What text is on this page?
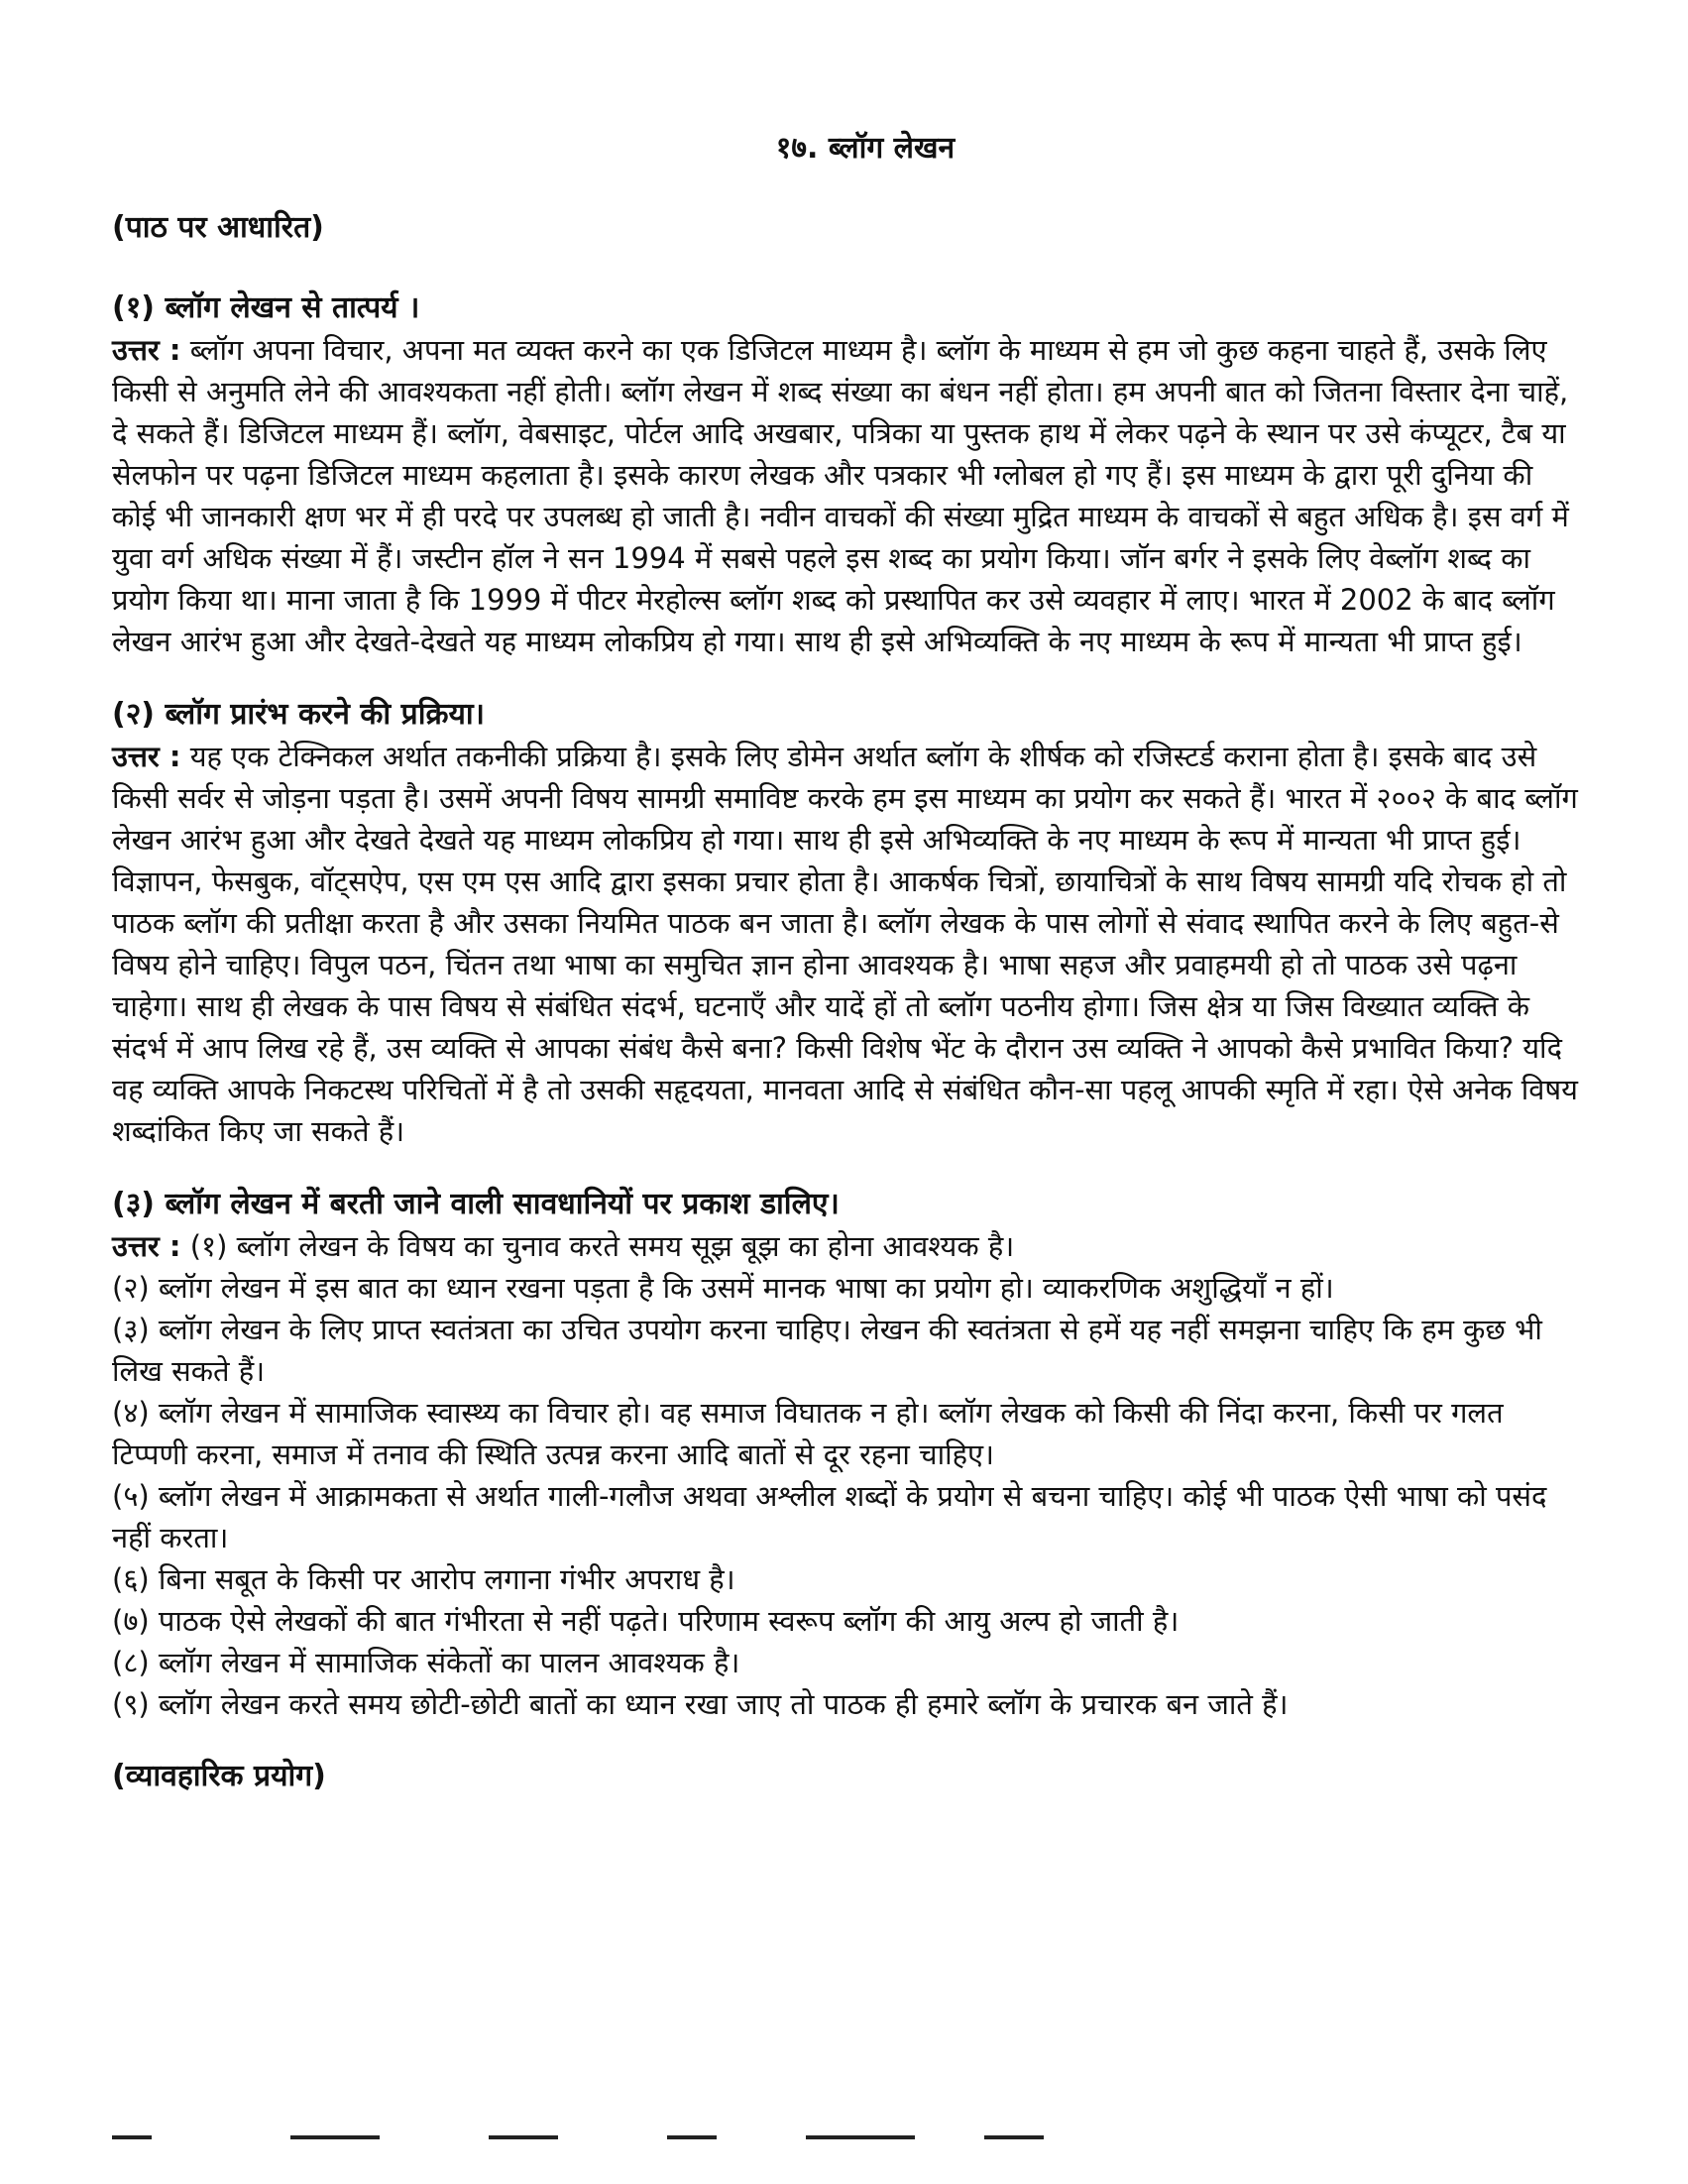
१७. ब्लॉग लेखन
(पाठ पर आधारित)

(१) ब्लॉग लेखन से तात्पर्य ।

उत्तर : ब्लॉग अपना विचार, अपना मत व्यक्त करने का एक डिजिटल माध्यम है। ब्लॉग के माध्यम से हम जो कुछ कहना चाहते हैं, उसके लिए किसी से अनुमति लेने की आवश्यकता नहीं होती। ब्लॉग लेखन में शब्द संख्या का बंधन नहीं होता। हम अपनी बात को जितना विस्तार देना चाहें, दे सकते हैं। डिजिटल माध्यम हैं। ब्लॉग, वेबसाइट, पोर्टल आदि अखबार, पत्रिका या पुस्तक हाथ में लेकर पढ़ने के स्थान पर उसे कंप्यूटर, टैब या सेलफोन पर पढ़ना डिजिटल माध्यम कहलाता है। इसके कारण लेखक और पत्रकार भी ग्लोबल हो गए हैं। इस माध्यम के द्वारा पूरी दुनिया की कोई भी जानकारी क्षण भर में ही परदे पर उपलब्ध हो जाती है। नवीन वाचकों की संख्या मुद्रित माध्यम के वाचकों से बहुत अधिक है। इस वर्ग में युवा वर्ग अधिक संख्या में हैं। जस्टीन हॉल ने सन 1994 में सबसे पहले इस शब्द का प्रयोग किया। जॉन बर्गर ने इसके लिए वेब्लॉग शब्द का प्रयोग किया था। माना जाता है कि 1999 में पीटर मेरहोल्स ब्लॉग शब्द को प्रस्थापित कर उसे व्यवहार में लाए। भारत में 2002 के बाद ब्लॉग लेखन आरंभ हुआ और देखते-देखते यह माध्यम लोकप्रिय हो गया। साथ ही इसे अभिव्यक्ति के नए माध्यम के रूप में मान्यता भी प्राप्त हुई।

(२) ब्लॉग प्रारंभ करने की प्रक्रिया।

उत्तर : यह एक टेक्निकल अर्थात तकनीकी प्रक्रिया है। इसके लिए डोमेन अर्थात ब्लॉग के शीर्षक को रजिस्टर्ड कराना होता है। इसके बाद उसे किसी सर्वर से जोड़ना पड़ता है। उसमें अपनी विषय सामग्री समाविष्ट करके हम इस माध्यम का प्रयोग कर सकते हैं। भारत में २००२ के बाद ब्लॉग लेखन आरंभ हुआ और देखते देखते यह माध्यम लोकप्रिय हो गया। साथ ही इसे अभिव्यक्ति के नए माध्यम के रूप में मान्यता भी प्राप्त हुई। विज्ञापन, फेसबुक, वॉट्सऐप, एस एम एस आदि द्वारा इसका प्रचार होता है। आकर्षक चित्रों, छायाचित्रों के साथ विषय सामग्री यदि रोचक हो तो पाठक ब्लॉग की प्रतीक्षा करता है और उसका नियमित पाठक बन जाता है। ब्लॉग लेखक के पास लोगों से संवाद स्थापित करने के लिए बहुत-से विषय होने चाहिए। विपुल पठन, चिंतन तथा भाषा का समुचित ज्ञान होना आवश्यक है। भाषा सहज और प्रवाहमयी हो तो पाठक उसे पढ़ना चाहेगा। साथ ही लेखक के पास विषय से संबंधित संदर्भ, घटनाएँ और यादें हों तो ब्लॉग पठनीय होगा। जिस क्षेत्र या जिस विख्यात व्यक्ति के संदर्भ में आप लिख रहे हैं, उस व्यक्ति से आपका संबंध कैसे बना? किसी विशेष भेंट के दौरान उस व्यक्ति ने आपको कैसे प्रभावित किया? यदि वह व्यक्ति आपके निकटस्थ परिचितों में है तो उसकी सहृदयता, मानवता आदि से संबंधित कौन-सा पहलू आपकी स्मृति में रहा। ऐसे अनेक विषय शब्दांकित किए जा सकते हैं।

(३) ब्लॉग लेखन में बरती जाने वाली सावधानियों पर प्रकाश डालिए।

उत्तर : (१) ब्लॉग लेखन के विषय का चुनाव करते समय सूझ बूझ का होना आवश्यक है।

(२) ब्लॉग लेखन में इस बात का ध्यान रखना पड़ता है कि उसमें मानक भाषा का प्रयोग हो। व्याकरणिक अशुद्धियाँ न हों।

(३) ब्लॉग लेखन के लिए प्राप्त स्वतंत्रता का उचित उपयोग करना चाहिए। लेखन की स्वतंत्रता से हमें यह नहीं समझना चाहिए कि हम कुछ भी लिख सकते हैं।

(४) ब्लॉग लेखन में सामाजिक स्वास्थ्य का विचार हो। वह समाज विघातक न हो। ब्लॉग लेखक को किसी की निंदा करना, किसी पर गलत टिप्पणी करना, समाज में तनाव की स्थिति उत्पन्न करना आदि बातों से दूर रहना चाहिए।

(५) ब्लॉग लेखन में आक्रामकता से अर्थात गाली-गलौज अथवा अश्लील शब्दों के प्रयोग से बचना चाहिए। कोई भी पाठक ऐसी भाषा को पसंद नहीं करता।

(६) बिना सबूत के किसी पर आरोप लगाना गंभीर अपराध है।

(७) पाठक ऐसे लेखकों की बात गंभीरता से नहीं पढ़ते। परिणाम स्वरूप ब्लॉग की आयु अल्प हो जाती है।

(८) ब्लॉग लेखन में सामाजिक संकेतों का पालन आवश्यक है।

(९) ब्लॉग लेखन करते समय छोटी-छोटी बातों का ध्यान रखा जाए तो पाठक ही हमारे ब्लॉग के प्रचारक बन जाते हैं।

(व्यावहारिक प्रयोग)
